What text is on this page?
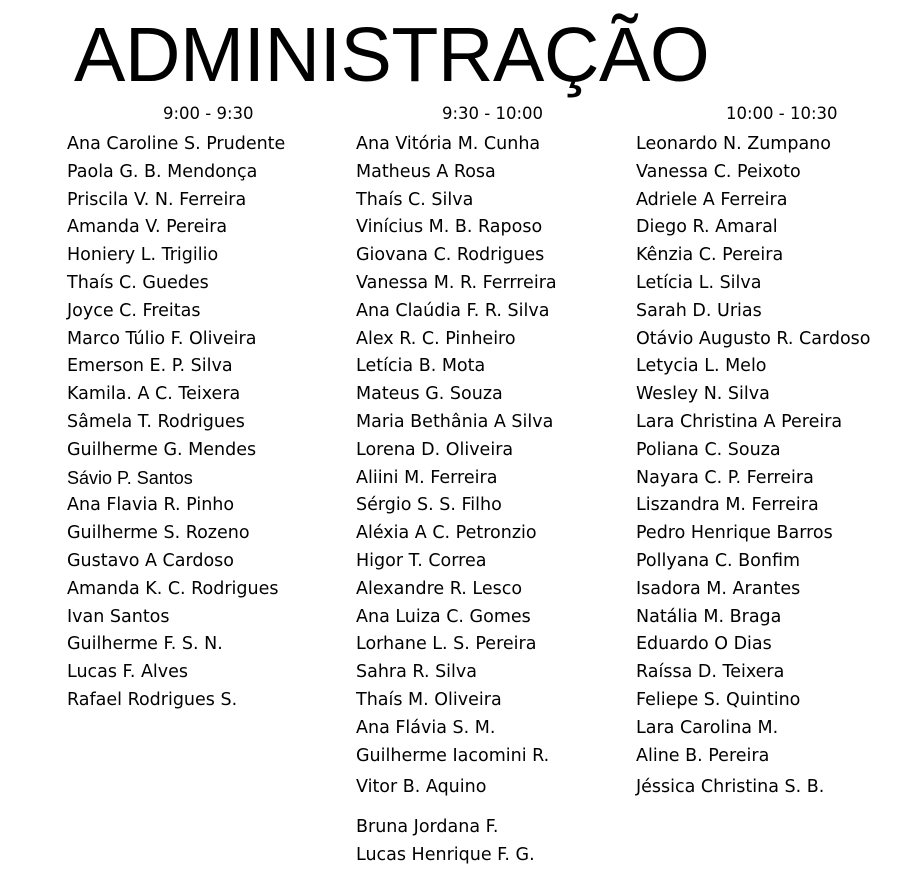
ADMINISTRAÇÃO
9:00 - 9:30
Ana Caroline S. Prudente
Paola G. B. Mendonça
Priscila V. N. Ferreira
Amanda V. Pereira
Honiery L. Trigilio
Thaís C. Guedes
Joyce C. Freitas
Marco Túlio F. Oliveira
Emerson E. P. Silva
Kamila. A C. Teixera
Sâmela T. Rodrigues
Guilherme G. Mendes
Sávio P. Santos
Ana Flavia R. Pinho
Guilherme S. Rozeno
Gustavo A Cardoso
Amanda K. C. Rodrigues
Ivan Santos
Guilherme F. S. N.
Lucas F. Alves
Rafael Rodrigues S.
9:30 - 10:00
Ana Vitória M. Cunha
Matheus A Rosa
Thaís C. Silva
Vinícius M. B. Raposo
Giovana C. Rodrigues
Vanessa M. R. Ferrreira
Ana Claúdia F. R. Silva
Alex R. C. Pinheiro
Letícia B. Mota
Mateus G. Souza
Maria Bethânia A Silva
Lorena D. Oliveira
Aliini M. Ferreira
Sérgio S. S. Filho
Aléxia A C. Petronzio
Higor T. Correa
Alexandre R. Lesco
Ana Luiza C. Gomes
Lorhane L. S. Pereira
Sahra R. Silva
Thaís M. Oliveira
Ana Flávia S. M.
Guilherme Iacomini R.
Vitor B. Aquino
Bruna Jordana F.
Lucas Henrique F. G.
10:00 - 10:30
Leonardo N. Zumpano
Vanessa C. Peixoto
Adriele A Ferreira
Diego R. Amaral
Kênzia C. Pereira
Letícia L. Silva
Sarah D. Urias
Otávio Augusto R. Cardoso
Letycia L. Melo
Wesley N. Silva
Lara Christina A Pereira
Poliana C. Souza
Nayara C. P. Ferreira
Liszandra M. Ferreira
Pedro Henrique Barros
Pollyana C. Bonfim
Isadora M. Arantes
Natália M. Braga
Eduardo O Dias
Raíssa D. Teixera
Feliepe S. Quintino
Lara Carolina M.
Aline B. Pereira
Jéssica Christina S. B.
